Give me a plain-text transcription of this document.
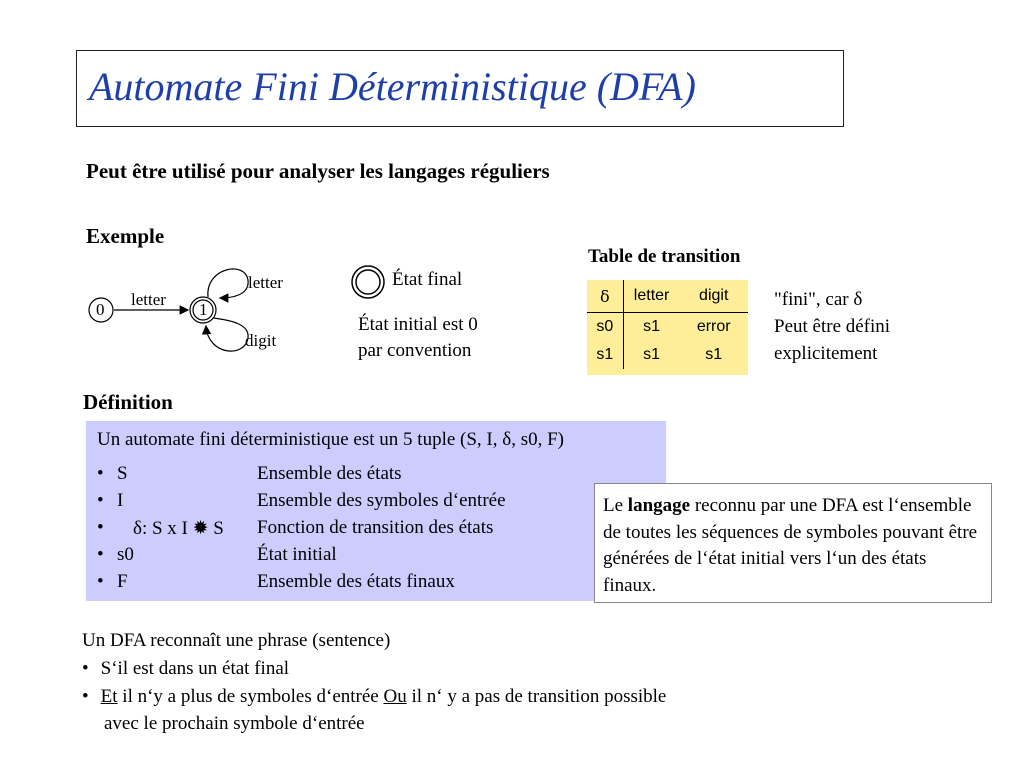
Automate Fini Déterministique (DFA)
Peut être utilisé pour analyser les langages réguliers
Exemple
0	1
letter
letter
digit
État final
État initial est 0
par convention
Table de transition
δ	letter	digit
s0	s1	error
s1	s1	s1
"fini", car δ
Peut être défini
explicitement
Définition
Un automate fini déterministique est un 5 tuple (S, I, δ, s0, F)
• S	Ensemble des états
• I	Ensemble des symboles d‘entrée
• δ: S x I ✹ S Fonction de transition des états
• s0	État initial
• F	Ensemble des états finaux

Le langage reconnu par une DFA est l‘ensemble de toutes les séquences de symboles pouvant être générées de l‘état initial vers l‘un des états finaux.

Un DFA reconnaît une phrase (sentence)
• S‘il est dans un état final
• Et il n‘y a plus de symboles d‘entrée Ou il n‘ y a pas de transition possible
avec le prochain symbole d‘entrée
